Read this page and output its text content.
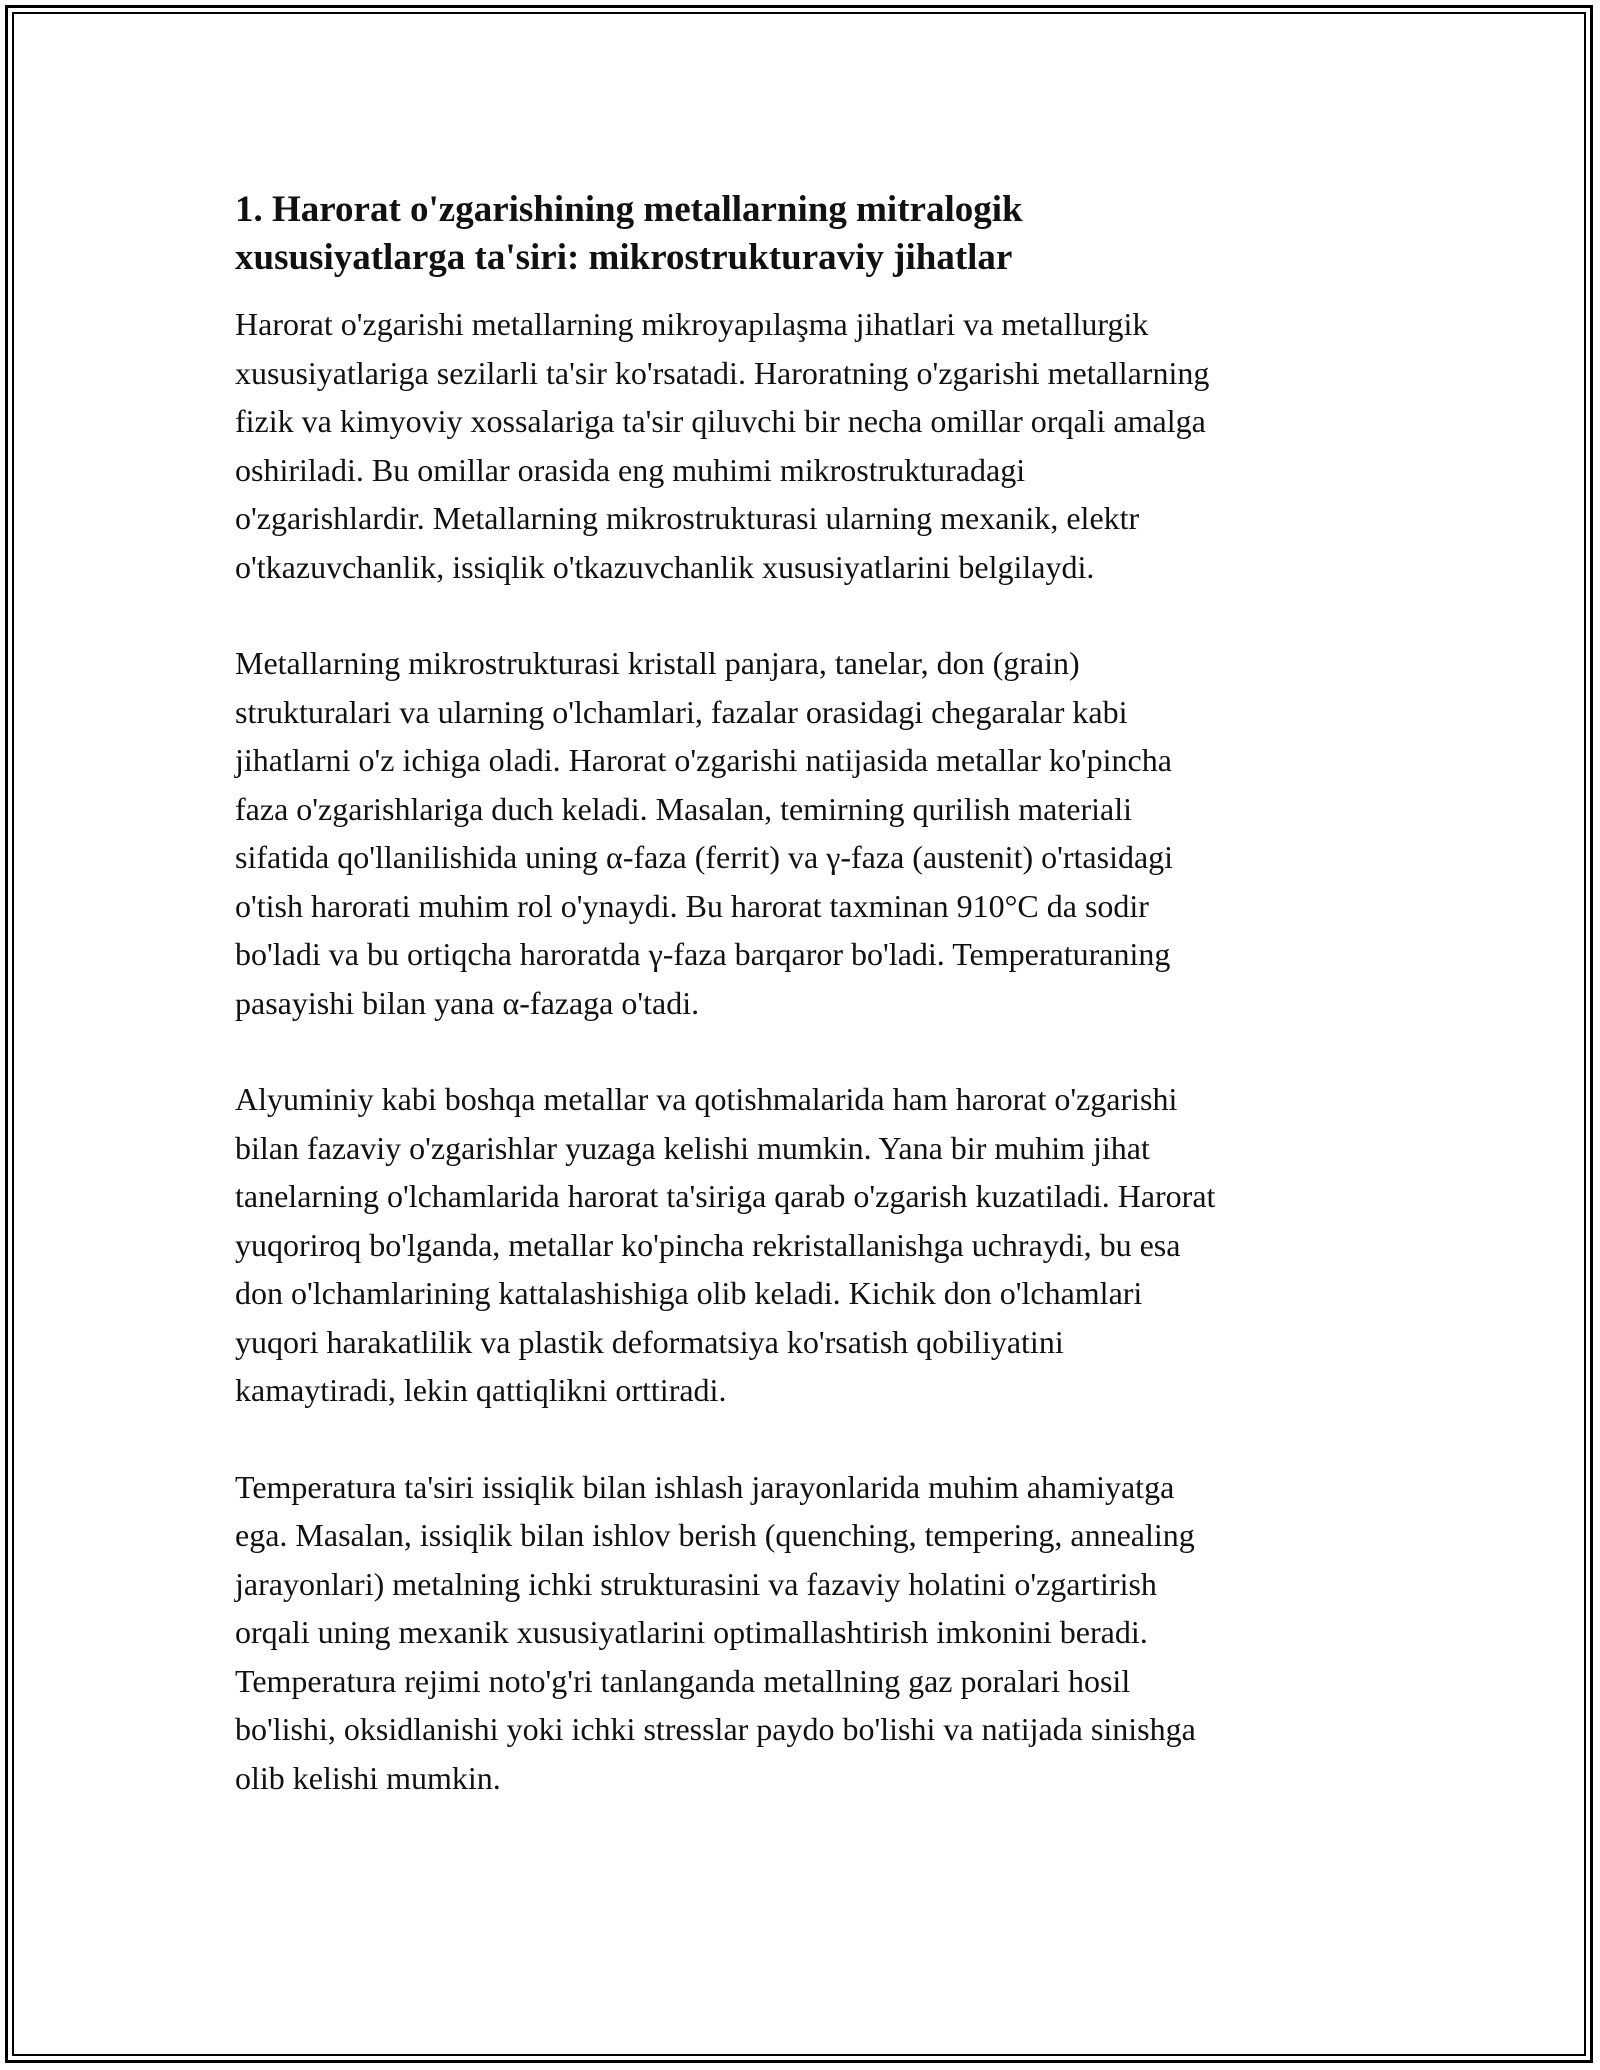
1. Harorat o'zgarishining metallarning mitralogik
xususiyatlarga ta'siri: mikrostrukturaviy jihatlar

Harorat o'zgarishi metallarning mikroyapılaşma jihatlari va metallurgik
xususiyatlariga sezilarli ta'sir ko'rsatadi. Haroratning o'zgarishi metallarning
fizik va kimyoviy xossalariga ta'sir qiluvchi bir necha omillar orqali amalga
oshiriladi. Bu omillar orasida eng muhimi mikrostrukturadagi
o'zgarishlardir. Metallarning mikrostrukturasi ularning mexanik, elektr
o'tkazuvchanlik, issiqlik o'tkazuvchanlik xususiyatlarini belgilaydi.

Metallarning mikrostrukturasi kristall panjara, tanelar, don (grain)
strukturalari va ularning o'lchamlari, fazalar orasidagi chegaralar kabi
jihatlarni o'z ichiga oladi. Harorat o'zgarishi natijasida metallar ko'pincha
faza o'zgarishlariga duch keladi. Masalan, temirning qurilish materiali
sifatida qo'llanilishida uning α-faza (ferrit) va γ-faza (austenit) o'rtasidagi
o'tish harorati muhim rol o'ynaydi. Bu harorat taxminan 910°C da sodir
bo'ladi va bu ortiqcha haroratda γ-faza barqaror bo'ladi. Temperaturaning
pasayishi bilan yana α-fazaga o'tadi.

Alyuminiy kabi boshqa metallar va qotishmalarida ham harorat o'zgarishi
bilan fazaviy o'zgarishlar yuzaga kelishi mumkin. Yana bir muhim jihat
tanelarning o'lchamlarida harorat ta'siriga qarab o'zgarish kuzatiladi. Harorat
yuqoriroq bo'lganda, metallar ko'pincha rekristallanishga uchraydi, bu esa
don o'lchamlarining kattalashishiga olib keladi. Kichik don o'lchamlari
yuqori harakatlilik va plastik deformatsiya ko'rsatish qobiliyatini
kamaytiradi, lekin qattiqlikni orttiradi.

Temperatura ta'siri issiqlik bilan ishlash jarayonlarida muhim ahamiyatga
ega. Masalan, issiqlik bilan ishlov berish (quenching, tempering, annealing
jarayonlari) metalning ichki strukturasini va fazaviy holatini o'zgartirish
orqali uning mexanik xususiyatlarini optimallashtirish imkonini beradi.
Temperatura rejimi noto'g'ri tanlanganda metallning gaz poralari hosil
bo'lishi, oksidlanishi yoki ichki stresslar paydo bo'lishi va natijada sinishga
olib kelishi mumkin.
